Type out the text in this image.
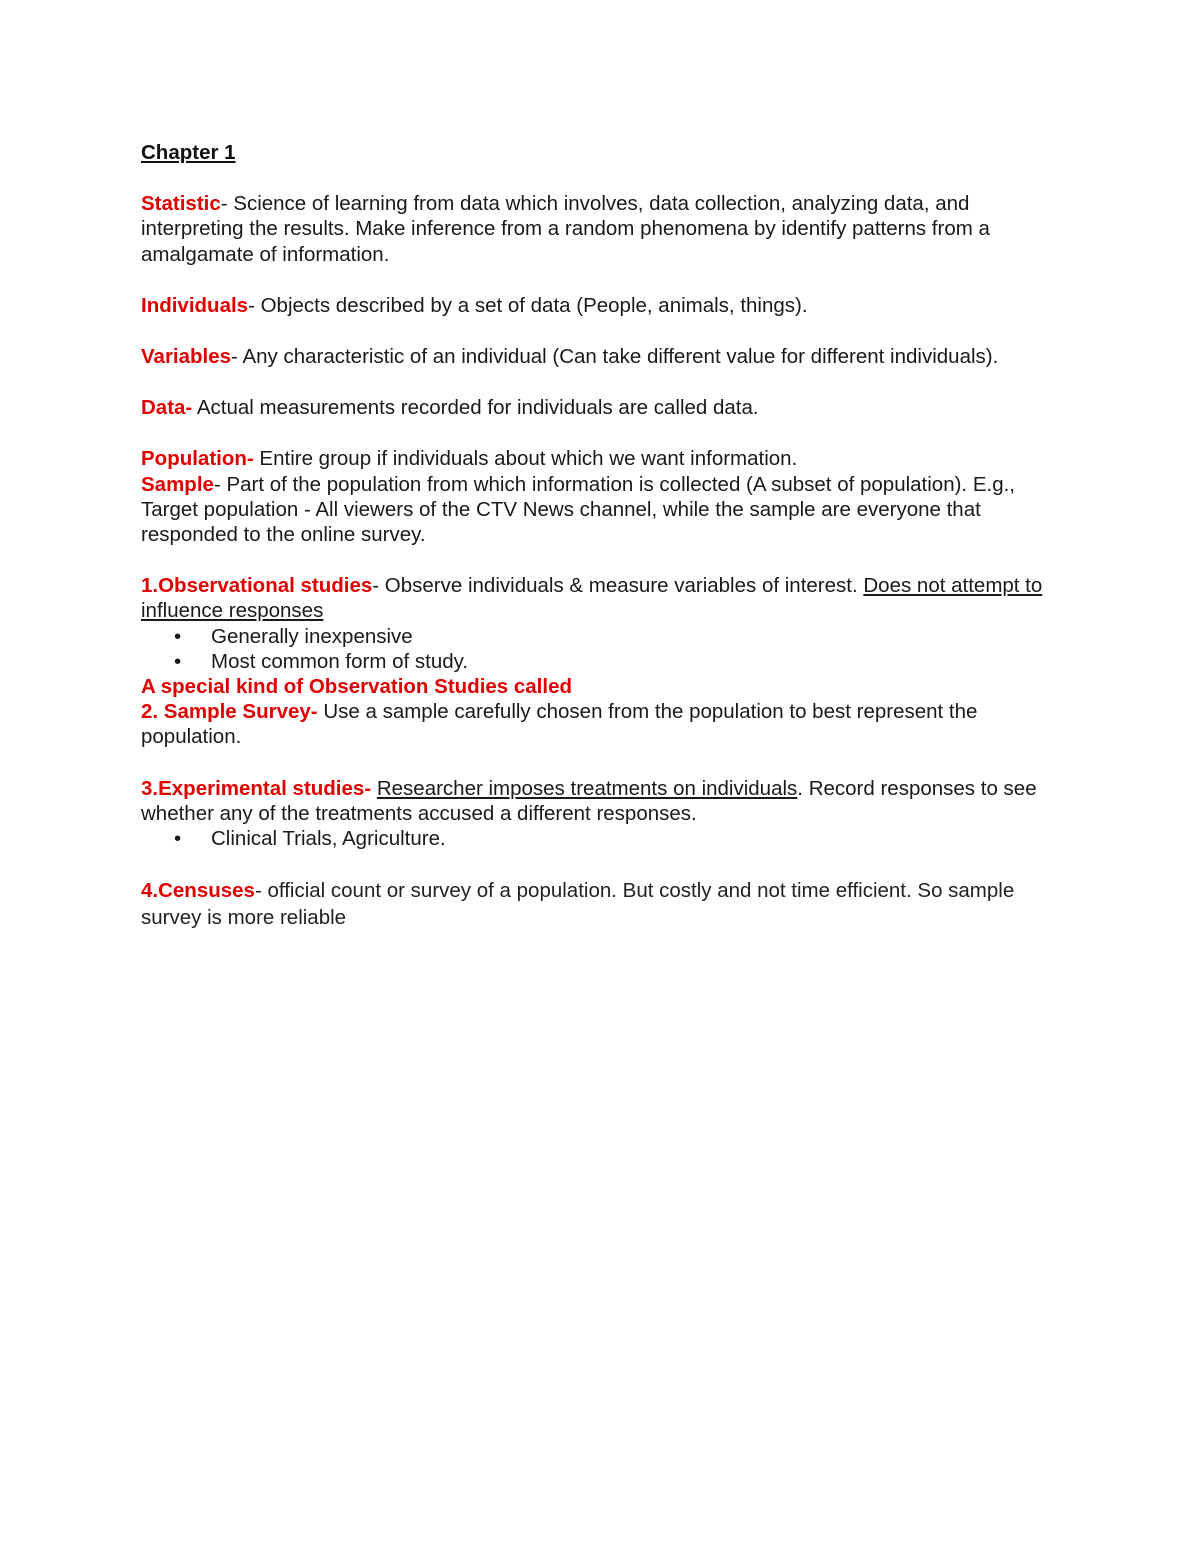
Chapter 1

Statistic- Science of learning from data which involves, data collection, analyzing data, and interpreting the results. Make inference from a random phenomena by identify patterns from a amalgamate of information.

Individuals- Objects described by a set of data (People, animals, things).

Variables- Any characteristic of an individual (Can take different value for different individuals).

Data- Actual measurements recorded for individuals are called data.

Population- Entire group if individuals about which we want information.

Sample- Part of the population from which information is collected (A subset of population). E.g., Target population - All viewers of the CTV News channel, while the sample are everyone that responded to the online survey.

1.Observational studies- Observe individuals & measure variables of interest. Does not attempt to influence responses

• Generally inexpensive
• Most common form of study.

A special kind of Observation Studies called

2. Sample Survey- Use a sample carefully chosen from the population to best represent the population.

3.Experimental studies- Researcher imposes treatments on individuals. Record responses to see whether any of the treatments accused a different responses.

• Clinical Trials, Agriculture.

4.Censuses- official count or survey of a population. But costly and not time efficient. So sample survey is more reliable
